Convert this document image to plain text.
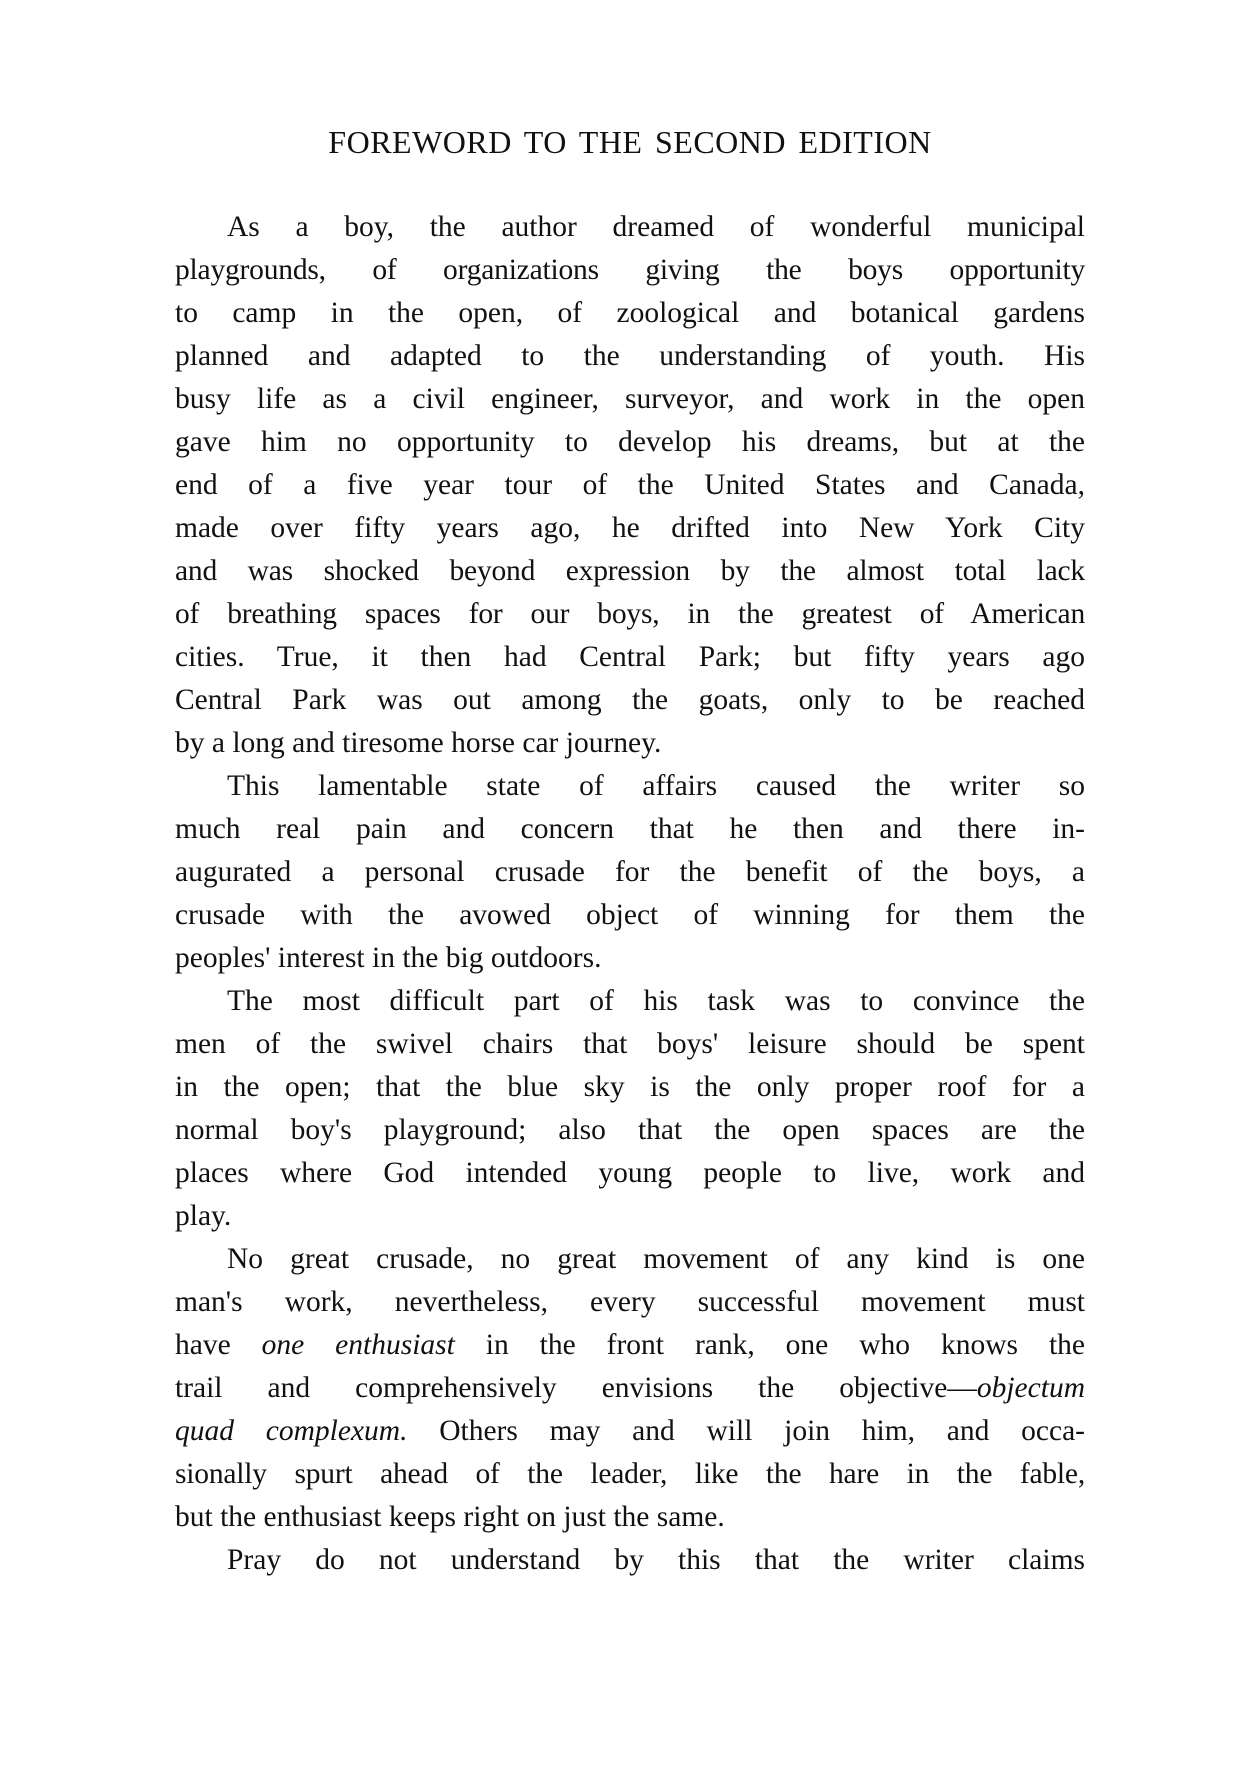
FOREWORD TO THE SECOND EDITION
As a boy, the author dreamed of wonderful municipal
playgrounds, of organizations giving the boys opportunity
to camp in the open, of zoological and botanical gardens
planned and adapted to the understanding of youth. His
busy life as a civil engineer, surveyor, and work in the open
gave him no opportunity to develop his dreams, but at the
end of a five year tour of the United States and Canada,
made over fifty years ago, he drifted into New York City
and was shocked beyond expression by the almost total lack
of breathing spaces for our boys, in the greatest of American
cities. True, it then had Central Park; but fifty years ago
Central Park was out among the goats, only to be reached
by a long and tiresome horse car journey.
This lamentable state of affairs caused the writer so
much real pain and concern that he then and there in-
augurated a personal crusade for the benefit of the boys, a
crusade with the avowed object of winning for them the
peoples' interest in the big outdoors.
The most difficult part of his task was to convince the
men of the swivel chairs that boys' leisure should be spent
in the open; that the blue sky is the only proper roof for a
normal boy's playground; also that the open spaces are the
places where God intended young people to live, work and
play.
No great crusade, no great movement of any kind is one
man's work, nevertheless, every successful movement must
have one enthusiast in the front rank, one who knows the
trail and comprehensively envisions the objective—objectum
quad complexum. Others may and will join him, and occa-
sionally spurt ahead of the leader, like the hare in the fable,
but the enthusiast keeps right on just the same.
Pray do not understand by this that the writer claims
